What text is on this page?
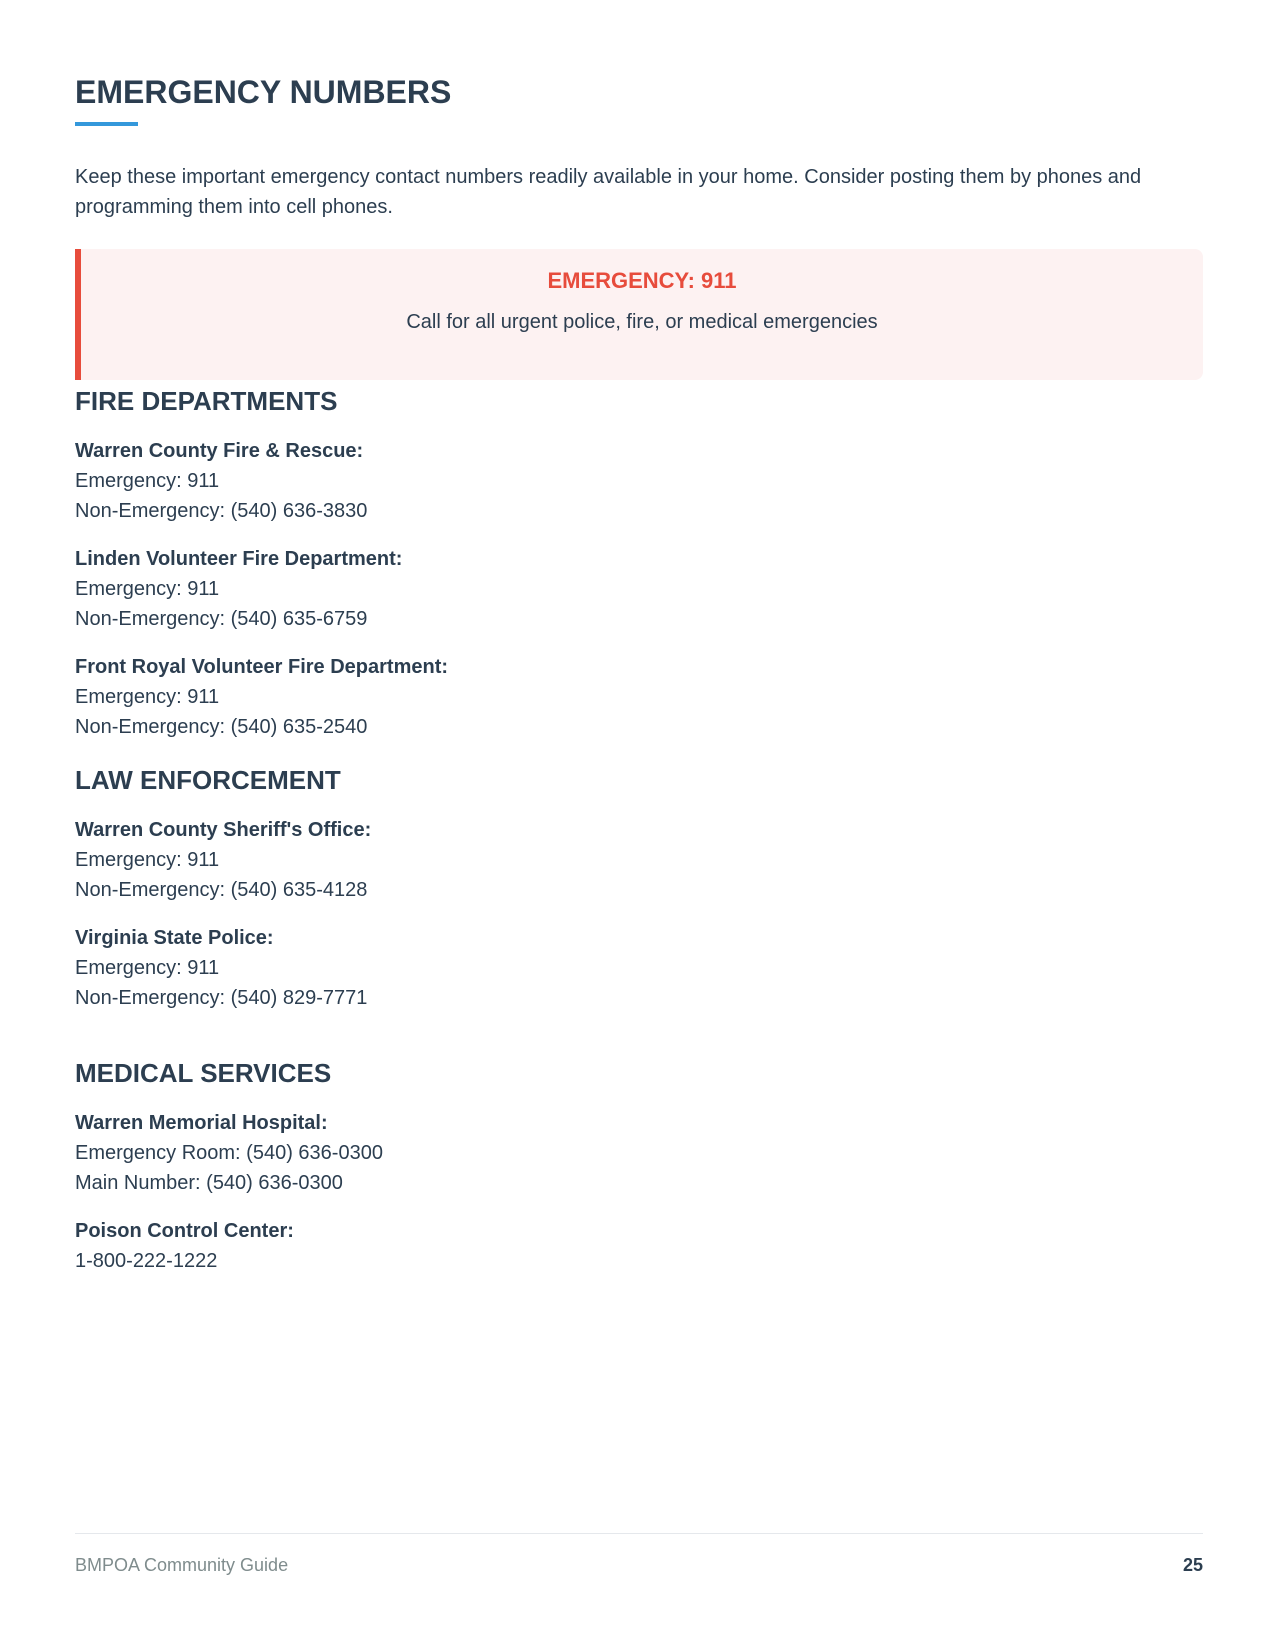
EMERGENCY NUMBERS

Keep these important emergency contact numbers readily available in your home. Consider posting them by phones and programming them into cell phones.

EMERGENCY: 911
Call for all urgent police, fire, or medical emergencies
FIRE DEPARTMENTS
Warren County Fire & Rescue:
Emergency: 911
Non-Emergency: (540) 636-3830
Linden Volunteer Fire Department:
Emergency: 911
Non-Emergency: (540) 635-6759
Front Royal Volunteer Fire Department:
Emergency: 911
Non-Emergency: (540) 635-2540
LAW ENFORCEMENT
Warren County Sheriff's Office:
Emergency: 911
Non-Emergency: (540) 635-4128
Virginia State Police:
Emergency: 911
Non-Emergency: (540) 829-7771
MEDICAL SERVICES
Warren Memorial Hospital:
Emergency Room: (540) 636-0300
Main Number: (540) 636-0300
Poison Control Center:
1-800-222-1222
BMPOA Community Guide	25
